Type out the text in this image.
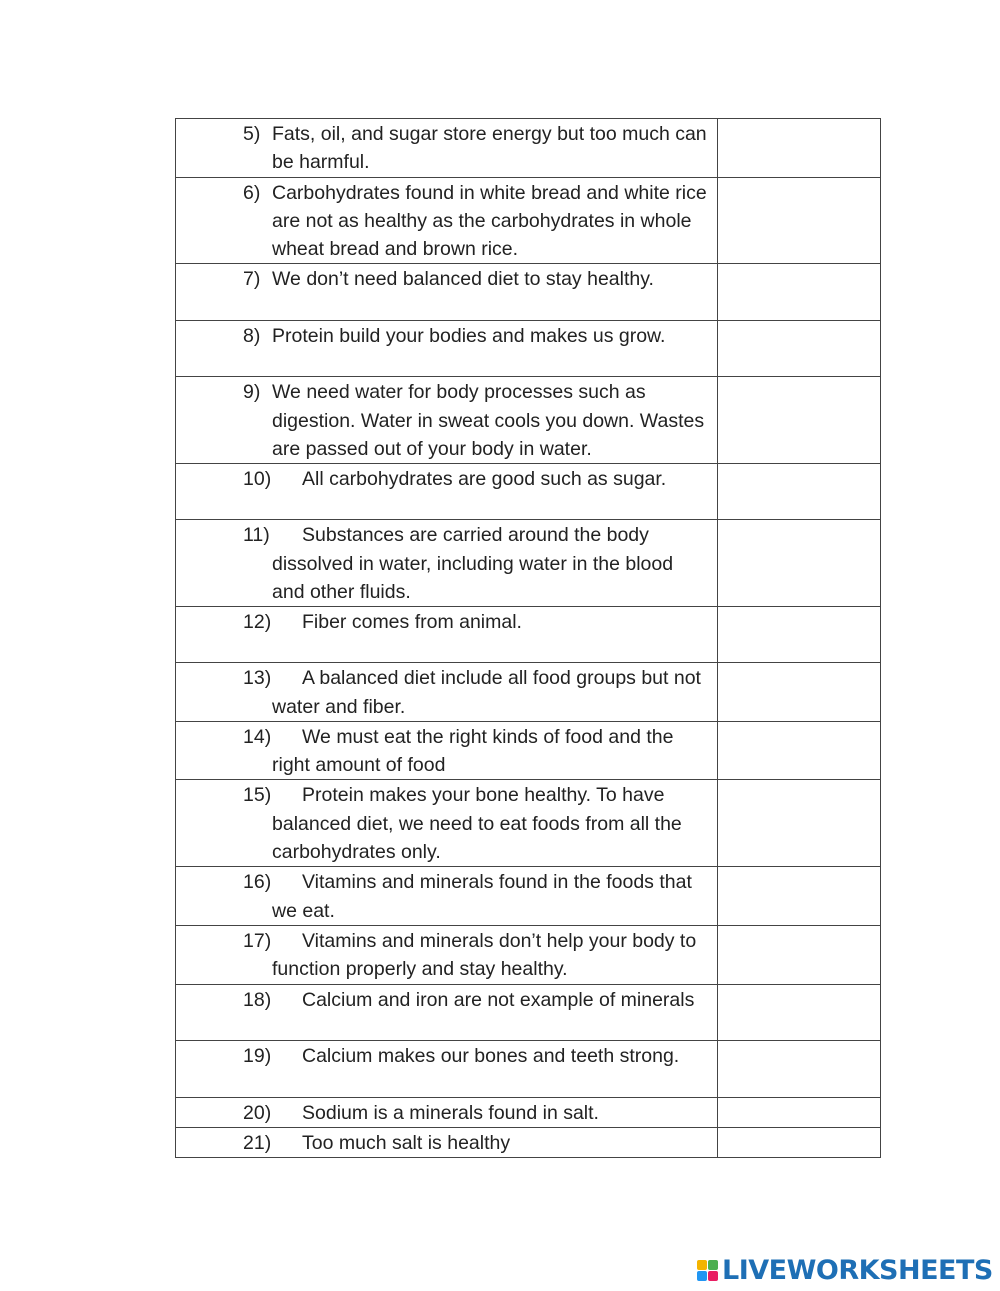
5) Fats, oil, and sugar store energy but too much can be harmful.

6) Carbohydrates found in white bread and white rice are not as healthy as the carbohydrates in whole wheat bread and brown rice.

7) We don’t need balanced diet to stay healthy.

8) Protein build your bodies and makes us grow.

9) We need water for body processes such as digestion. Water in sweat cools you down. Wastes are passed out of your body in water.

10) All carbohydrates are good such as sugar.

11) Substances are carried around the body dissolved in water, including water in the blood and other fluids.

12) Fiber comes from animal.

13) A balanced diet include all food groups but not water and fiber.

14) We must eat the right kinds of food and the right amount of food

15) Protein makes your bone healthy. To have balanced diet, we need to eat foods from all the carbohydrates only.

16) Vitamins and minerals found in the foods that we eat.

17) Vitamins and minerals don’t help your body to function properly and stay healthy.

18) Calcium and iron are not example of minerals

19) Calcium makes our bones and teeth strong.

20) Sodium is a minerals found in salt.

21) Too much salt is healthy

LIVEWORKSHEETS
